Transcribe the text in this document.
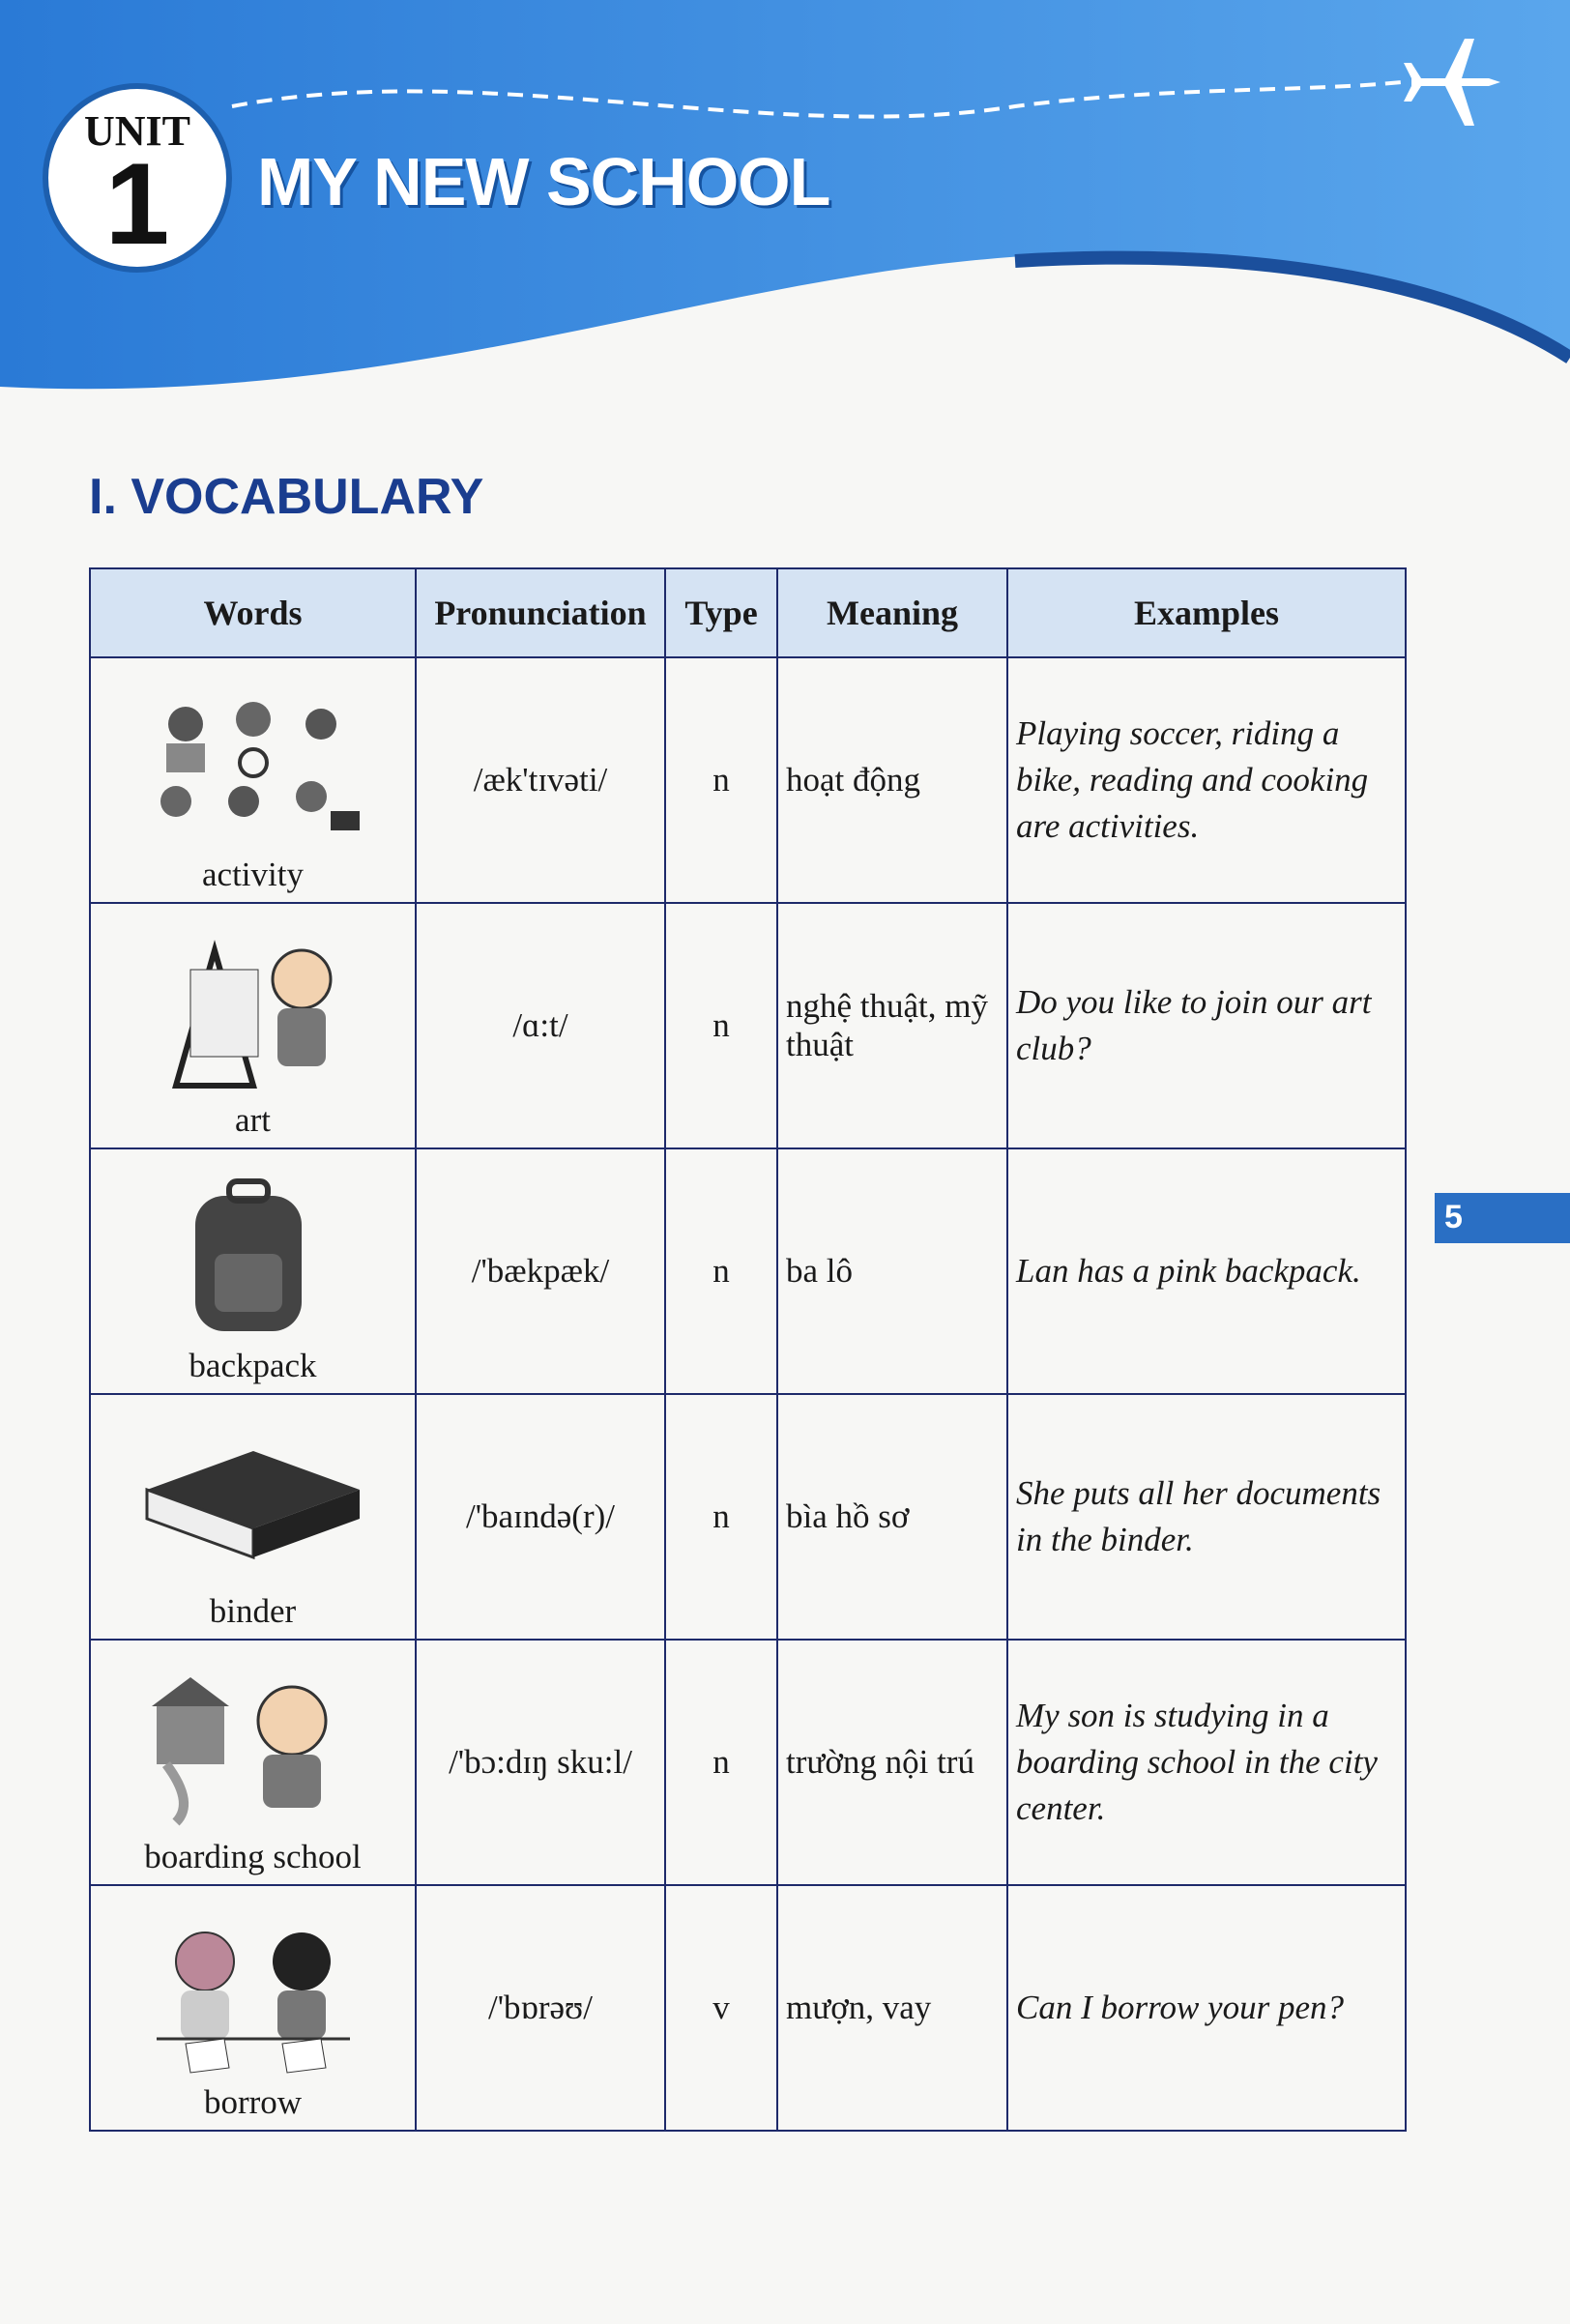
UNIT
1	MY NEW SCHOOL
I. VOCABULARY
Words	Pronunciation	Type	Meaning	Examples

activity	/æk'tɪvəti/	n	hoạt động	Playing soccer, riding a bike, reading and cooking are activities.

art	/ɑ:t/	n	nghệ thuật, mỹ thuật	Do you like to join our art club?

backpack	/'bækpæk/	n	ba lô	Lan has a pink backpack.

binder	/'baɪndə(r)/	n	bìa hồ sơ	She puts all her documents in the binder.

boarding school	/'bɔ:dɪŋ sku:l/	n	trường nội trú	My son is studying in a boarding school in the city center.

borrow	/'bɒrəʊ/	v	mượn, vay	Can I borrow your pen?
5
